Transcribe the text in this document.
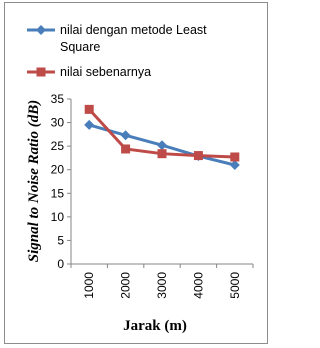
nilai dengan metode Least
Square
nilai sebenarnya
0
5
10
15
20
25
30
35
1000 2000 3000 4000 5000
Signal to Noise Ratio (dB)
Jarak (m)
